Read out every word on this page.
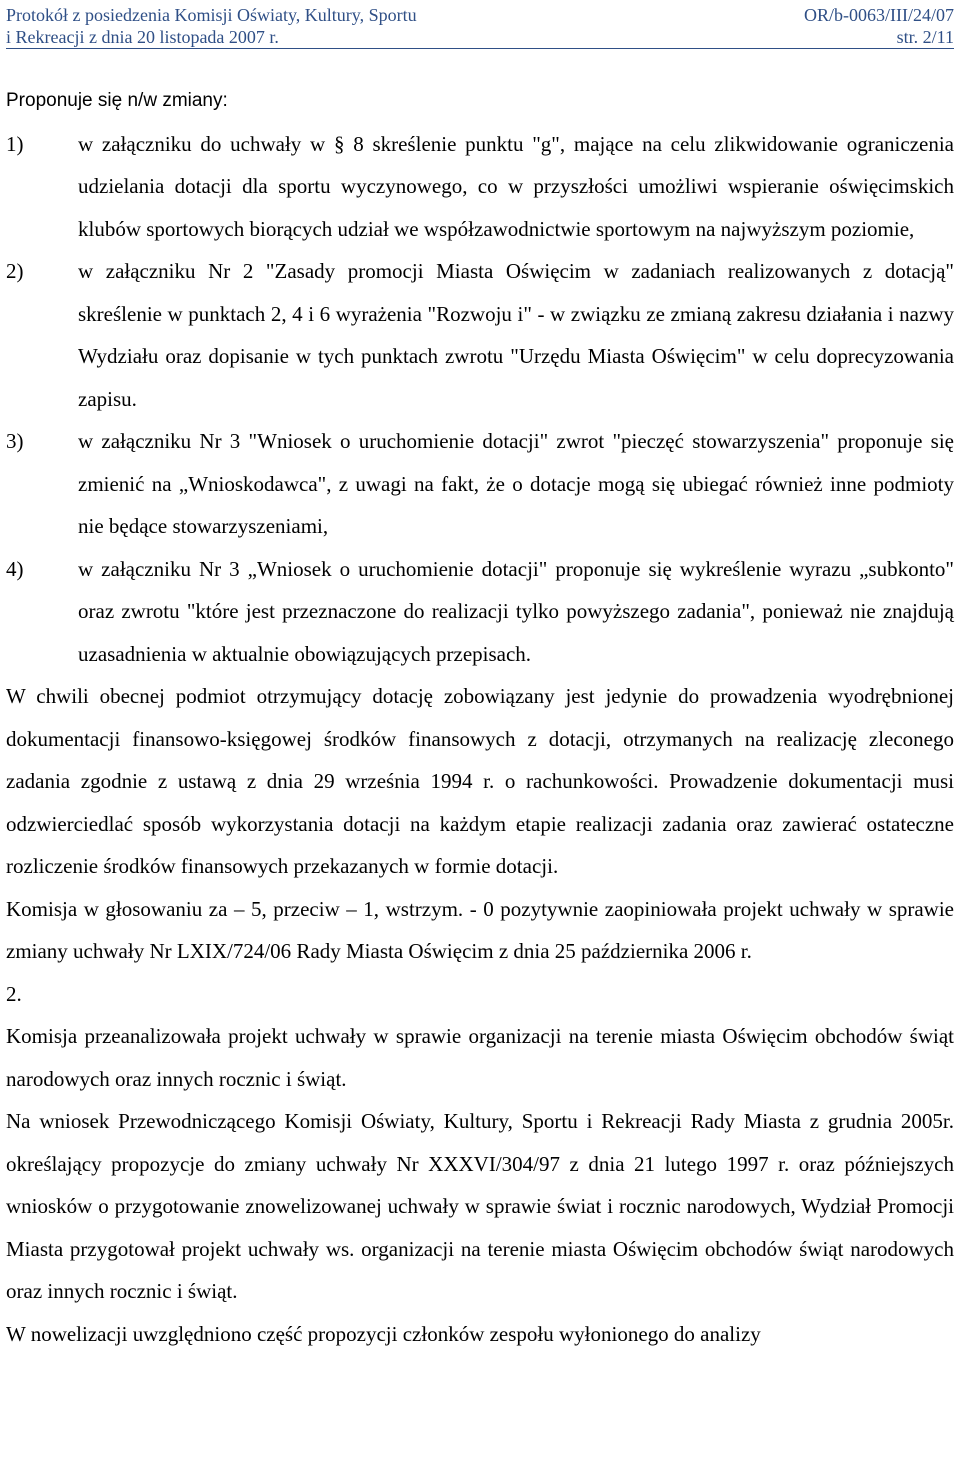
Protokół z posiedzenia Komisji Oświaty, Kultury, Sportu
i Rekreacji z dnia 20 listopada 2007 r.
OR/b-0063/III/24/07
str. 2/11

Proponuje się n/w zmiany:

1)	w załączniku do uchwały w § 8 skreślenie punktu "g", mające na celu zlikwidowanie ograniczenia udzielania dotacji dla sportu wyczynowego, co w przyszłości umożliwi wspieranie oświęcimskich klubów sportowych biorących udział we współzawodnictwie sportowym na najwyższym poziomie,
2)	w załączniku Nr 2 "Zasady promocji Miasta Oświęcim w zadaniach realizowanych z dotacją" skreślenie w punktach 2, 4 i 6 wyrażenia "Rozwoju i" - w związku ze zmianą zakresu działania i nazwy Wydziału oraz dopisanie w tych punktach zwrotu "Urzędu Miasta Oświęcim" w celu doprecyzowania zapisu.
3)	w załączniku Nr 3 "Wniosek o uruchomienie dotacji" zwrot "pieczęć stowarzyszenia" proponuje się zmienić na „Wnioskodawca", z uwagi na fakt, że o dotacje mogą się ubiegać również inne podmioty nie będące stowarzyszeniami,
4)	w załączniku Nr 3 „Wniosek o uruchomienie dotacji" proponuje się wykreślenie wyrazu „subkonto" oraz zwrotu "które jest przeznaczone do realizacji tylko powyższego zadania", ponieważ nie znajdują uzasadnienia w aktualnie obowiązujących przepisach.

W chwili obecnej podmiot otrzymujący dotację zobowiązany jest jedynie do prowadzenia wyodrębnionej dokumentacji finansowo-księgowej środków finansowych z dotacji, otrzymanych na realizację zleconego zadania zgodnie z ustawą z dnia 29 września 1994 r. o rachunkowości. Prowadzenie dokumentacji musi odzwierciedlać sposób wykorzystania dotacji na każdym etapie realizacji zadania oraz zawierać ostateczne rozliczenie środków finansowych przekazanych w formie dotacji.

Komisja w głosowaniu za – 5, przeciw – 1, wstrzym. - 0 pozytywnie zaopiniowała projekt uchwały w sprawie zmiany uchwały Nr LXIX/724/06 Rady Miasta Oświęcim z dnia 25 października 2006 r.

2.

Komisja przeanalizowała projekt uchwały w sprawie organizacji na terenie miasta Oświęcim obchodów świąt narodowych oraz innych rocznic i świąt.

Na wniosek Przewodniczącego Komisji Oświaty, Kultury, Sportu i Rekreacji Rady Miasta z grudnia 2005r. określający propozycje do zmiany uchwały Nr XXXVI/304/97 z dnia 21 lutego 1997 r. oraz późniejszych wniosków o przygotowanie znowelizowanej uchwały w sprawie świat i rocznic narodowych, Wydział Promocji Miasta przygotował projekt uchwały ws. organizacji na terenie miasta Oświęcim obchodów świąt narodowych oraz innych rocznic i świąt.

W nowelizacji uwzględniono część propozycji członków zespołu wyłonionego do analizy
